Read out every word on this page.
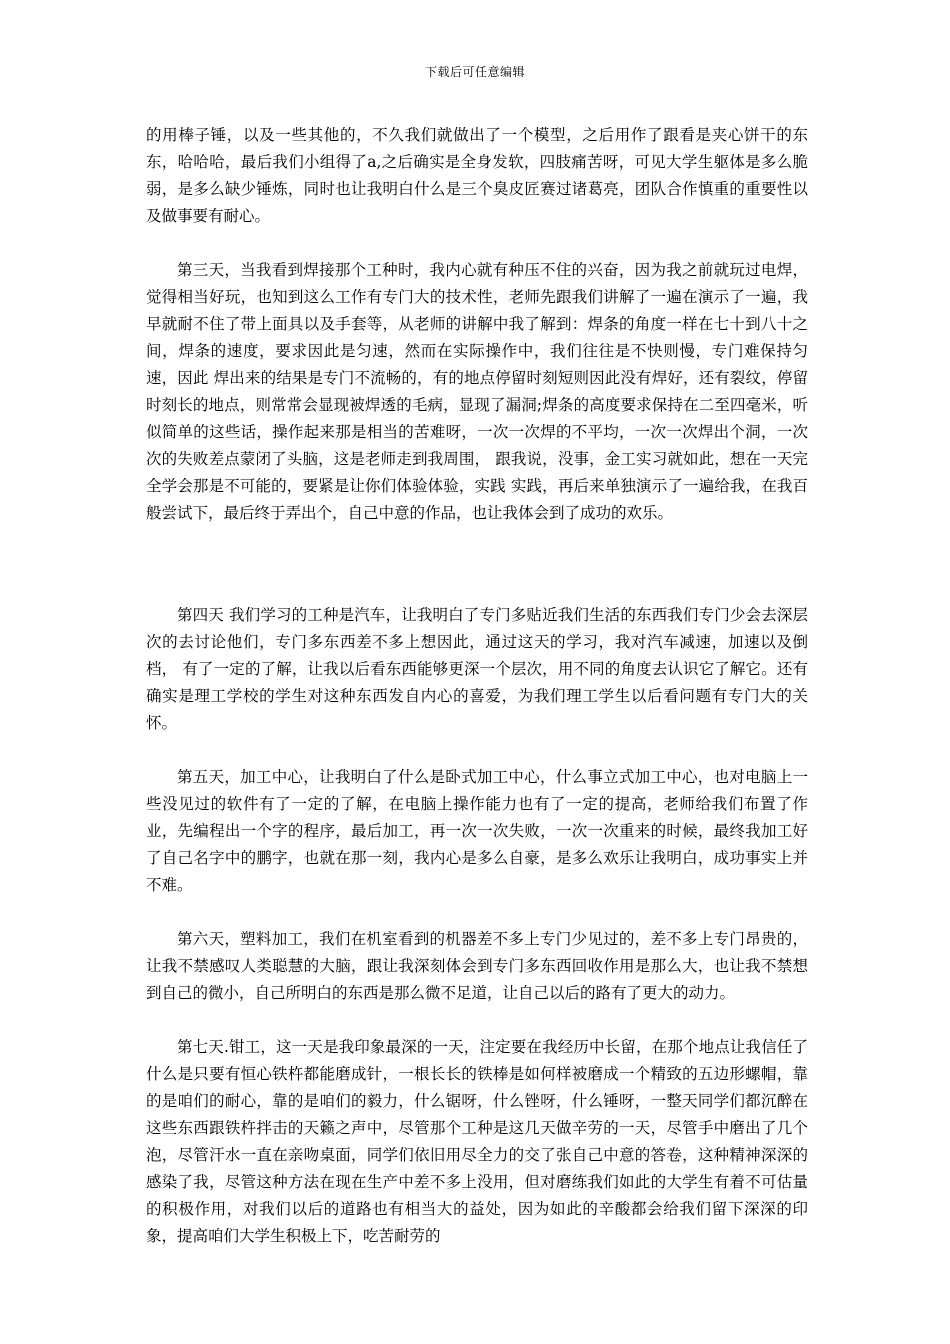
下载后可任意编辑

的用棒子锤，以及一些其他的，不久我们就做出了一个模型，之后用作了跟看是夹心饼干的东东，哈哈哈，最后我们小组得了a,之后确实是全身发软，四肢痛苦呀，可见大学生躯体是多么脆弱，是多么缺少锤炼，同时也让我明白什么是三个臭皮匠赛过诸葛亮，团队合作慎重的重要性以及做事要有耐心。

第三天，当我看到焊接那个工种时，我内心就有种压不住的兴奋，因为我之前就玩过电焊，觉得相当好玩，也知到这么工作有专门大的技术性，老师先跟我们讲解了一遍在演示了一遍，我早就耐不住了带上面具以及手套等，从老师的讲解中我了解到：焊条的角度一样在七十到八十之间，焊条的速度，要求因此是匀速，然而在实际操作中，我们往往是不快则慢，专门难保持匀速，因此 焊出来的结果是专门不流畅的，有的地点停留时刻短则因此没有焊好，还有裂纹，停留时刻长的地点，则常常会显现被焊透的毛病，显现了漏洞;焊条的高度要求保持在二至四毫米，听似简单的这些话，操作起来那是相当的苦难呀，一次一次焊的不平均，一次一次焊出个洞，一次次的失败差点蒙闭了头脑，这是老师走到我周围， 跟我说，没事，金工实习就如此，想在一天完全学会那是不可能的，要紧是让你们体验体验，实践 实践，再后来单独演示了一遍给我，在我百般尝试下，最后终于弄出个，自己中意的作品，也让我体会到了成功的欢乐。

第四天 我们学习的工种是汽车，让我明白了专门多贴近我们生活的东西我们专门少会去深层次的去讨论他们，专门多东西差不多上想因此，通过这天的学习，我对汽车减速，加速以及倒档， 有了一定的了解，让我以后看东西能够更深一个层次，用不同的角度去认识它了解它。还有确实是理工学校的学生对这种东西发自内心的喜爱，为我们理工学生以后看问题有专门大的关怀。

第五天，加工中心，让我明白了什么是卧式加工中心，什么事立式加工中心，也对电脑上一些没见过的软件有了一定的了解，在电脑上操作能力也有了一定的提高，老师给我们布置了作业，先编程出一个字的程序，最后加工，再一次一次失败，一次一次重来的时候，最终我加工好了自己名字中的鹏字，也就在那一刻，我内心是多么自豪，是多么欢乐让我明白，成功事实上并不难。

第六天，塑料加工，我们在机室看到的机器差不多上专门少见过的，差不多上专门昂贵的，让我不禁感叹人类聪慧的大脑，跟让我深刻体会到专门多东西回收作用是那么大，也让我不禁想到自己的微小，自己所明白的东西是那么微不足道，让自己以后的路有了更大的动力。

第七天.钳工，这一天是我印象最深的一天，注定要在我经历中长留，在那个地点让我信任了什么是只要有恒心铁杵都能磨成针，一根长长的铁棒是如何样被磨成一个精致的五边形螺帽，靠的是咱们的耐心，靠的是咱们的毅力，什么锯呀，什么锉呀，什么锤呀，一整天同学们都沉醉在这些东西跟铁杵拌击的天籁之声中，尽管那个工种是这几天做辛劳的一天，尽管手中磨出了几个泡，尽管汗水一直在亲吻桌面，同学们依旧用尽全力的交了张自己中意的答卷，这种精神深深的感染了我，尽管这种方法在现在生产中差不多上没用，但对磨练我们如此的大学生有着不可估量的积极作用，对我们以后的道路也有相当大的益处，因为如此的辛酸都会给我们留下深深的印象，提高咱们大学生积极上下，吃苦耐劳的
